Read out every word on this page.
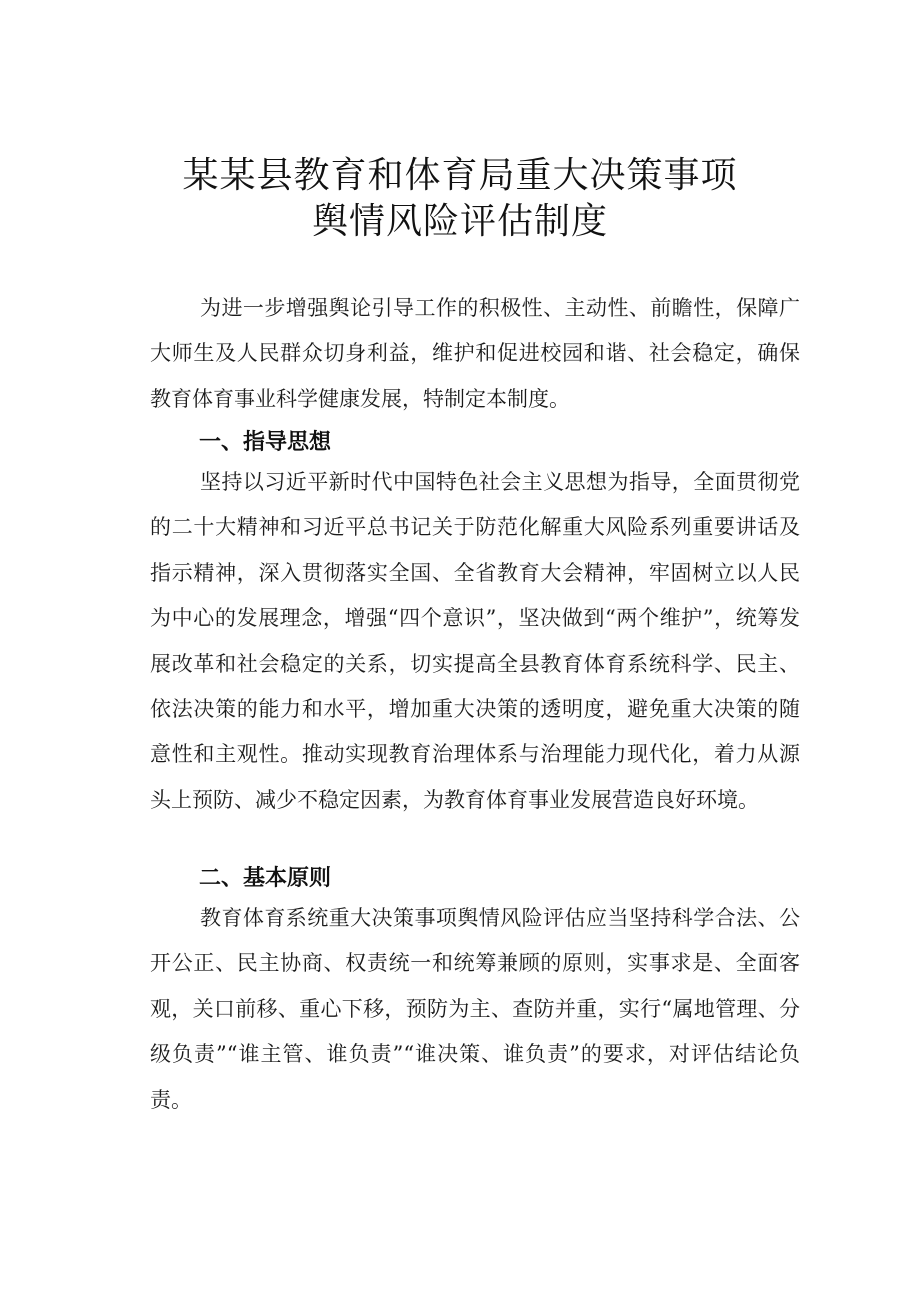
某某县教育和体育局重大决策事项
舆情风险评估制度

为进一步增强舆论引导工作的积极性、主动性、前瞻性，保障广大师生及人民群众切身利益，维护和促进校园和谐、社会稳定，确保教育体育事业科学健康发展，特制定本制度。

一、指导思想

坚持以习近平新时代中国特色社会主义思想为指导，全面贯彻党的二十大精神和习近平总书记关于防范化解重大风险系列重要讲话及指示精神，深入贯彻落实全国、全省教育大会精神，牢固树立以人民为中心的发展理念，增强“四个意识”，坚决做到“两个维护”，统筹发展改革和社会稳定的关系，切实提高全县教育体育系统科学、民主、依法决策的能力和水平，增加重大决策的透明度，避免重大决策的随意性和主观性。推动实现教育治理体系与治理能力现代化，着力从源头上预防、减少不稳定因素，为教育体育事业发展营造良好环境。

二、基本原则

教育体育系统重大决策事项舆情风险评估应当坚持科学合法、公开公正、民主协商、权责统一和统筹兼顾的原则，实事求是、全面客观，关口前移、重心下移，预防为主、查防并重，实行“属地管理、分级负责”“谁主管、谁负责”“谁决策、谁负责”的要求，对评估结论负责。
